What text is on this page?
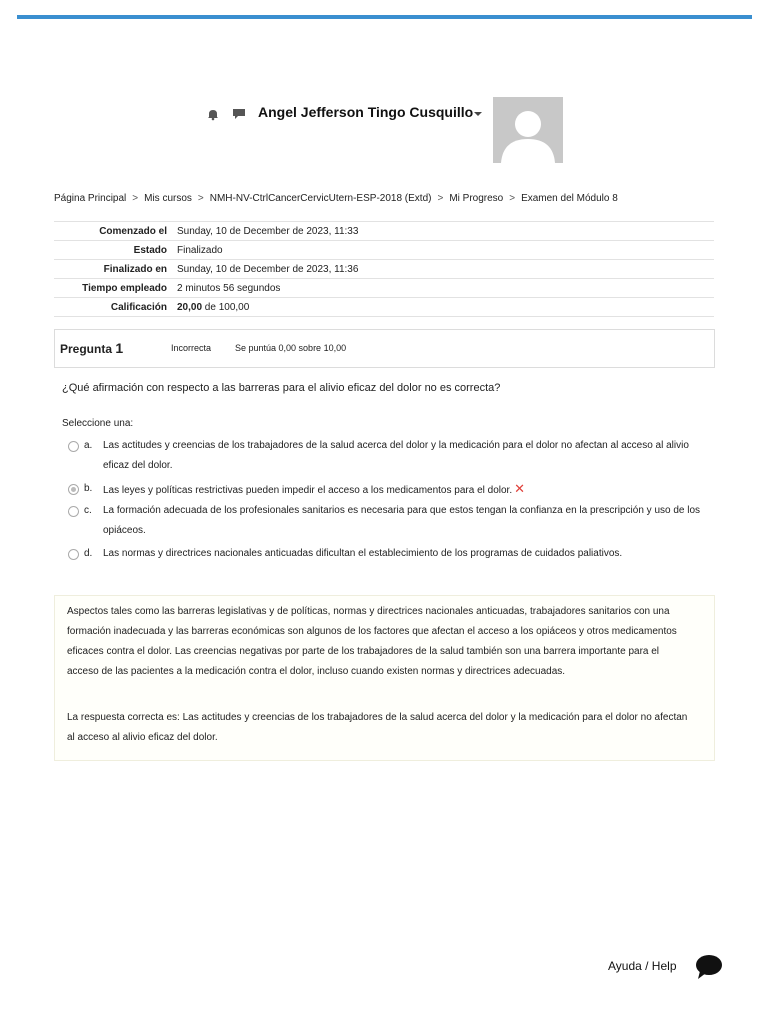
Angel Jefferson Tingo Cusquillo
Página Principal > Mis cursos > NMH-NV-CtrlCancerCervicUtern-ESP-2018 (Extd) > Mi Progreso > Examen del Módulo 8
Comenzado el	Sunday, 10 de December de 2023, 11:33
Estado	Finalizado
Finalizado en	Sunday, 10 de December de 2023, 11:36
Tiempo empleado	2 minutos 56 segundos
Calificación	20,00 de 100,00
Pregunta 1	Incorrecta	Se puntúa 0,00 sobre 10,00
¿Qué afirmación con respecto a las barreras para el alivio eficaz del dolor no es correcta?
Seleccione una:
a. Las actitudes y creencias de los trabajadores de la salud acerca del dolor y la medicación para el dolor no afectan al acceso al alivio eficaz del dolor.
b. Las leyes y políticas restrictivas pueden impedir el acceso a los medicamentos para el dolor. ✕
c. La formación adecuada de los profesionales sanitarios es necesaria para que estos tengan la confianza en la prescripción y uso de los opiáceos.
d. Las normas y directrices nacionales anticuadas dificultan el establecimiento de los programas de cuidados paliativos.
Aspectos tales como las barreras legislativas y de políticas, normas y directrices nacionales anticuadas, trabajadores sanitarios con una formación inadecuada y las barreras económicas son algunos de los factores que afectan el acceso a los opiáceos y otros medicamentos eficaces contra el dolor. Las creencias negativas por parte de los trabajadores de la salud también son una barrera importante para el acceso de las pacientes a la medicación contra el dolor, incluso cuando existen normas y directrices adecuadas.
La respuesta correcta es: Las actitudes y creencias de los trabajadores de la salud acerca del dolor y la medicación para el dolor no afectan al acceso al alivio eficaz del dolor.
Ayuda / Help
